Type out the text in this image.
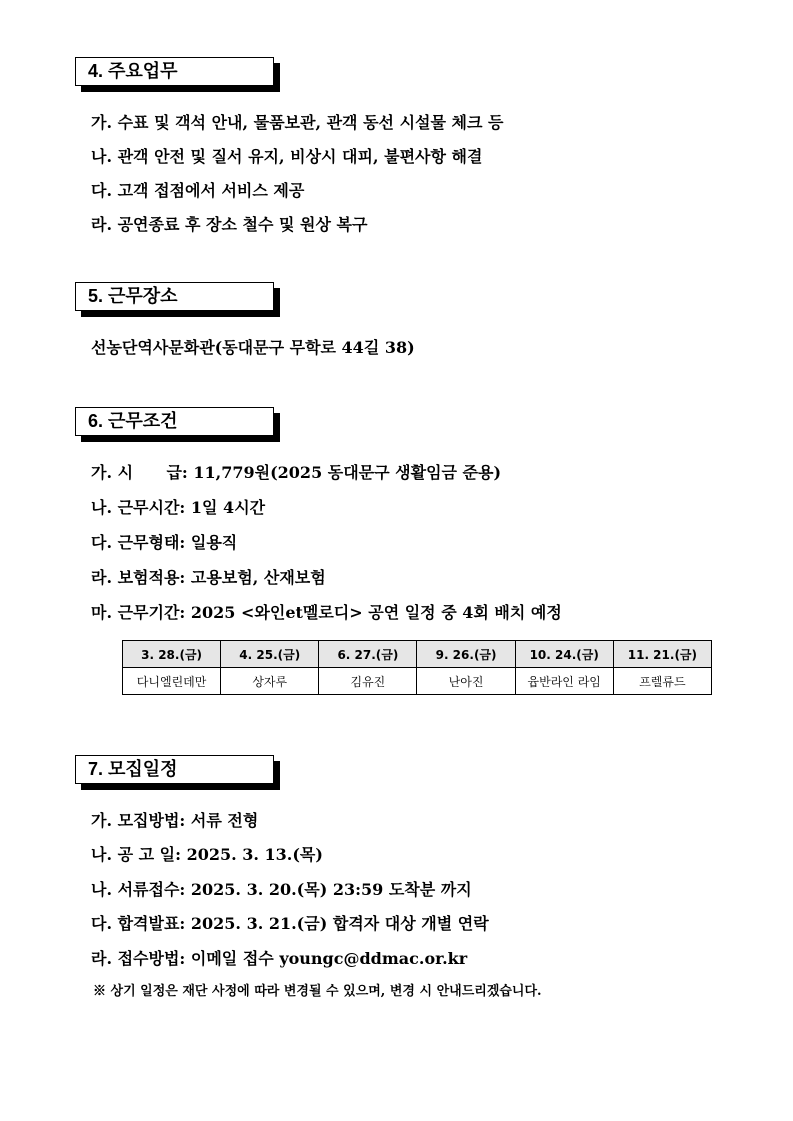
4. 주요업무
가. 수표 및 객석 안내, 물품보관, 관객 동선 시설물 체크 등
나. 관객 안전 및 질서 유지, 비상시 대피, 불편사항 해결
다. 고객 접점에서 서비스 제공
라. 공연종료 후 장소 철수 및 원상 복구
5. 근무장소
선농단역사문화관(동대문구 무학로 44길 38)
6. 근무조건
가. 시      급: 11,779원(2025 동대문구 생활임금 준용)
나. 근무시간: 1일 4시간
다. 근무형태: 일용직
라. 보험적용: 고용보험, 산재보험
마. 근무기간: 2025 <와인et멜로디> 공연 일정 중 4회 배치 예정
3. 28.(금)	4. 25.(금)	6. 27.(금)	9. 26.(금)	10. 24.(금)	11. 21.(금)
다니엘린데만	상자루	김유진	난아진	윱반라인 라임	프렐류드
7. 모집일정
가. 모집방법: 서류 전형
나. 공 고 일: 2025. 3. 13.(목)
나. 서류접수: 2025. 3. 20.(목) 23:59 도착분 까지
다. 합격발표: 2025. 3. 21.(금) 합격자 대상 개별 연락
라. 접수방법: 이메일 접수 youngc@ddmac.or.kr
※ 상기 일정은 재단 사정에 따라 변경될 수 있으며, 변경 시 안내드리겠습니다.
